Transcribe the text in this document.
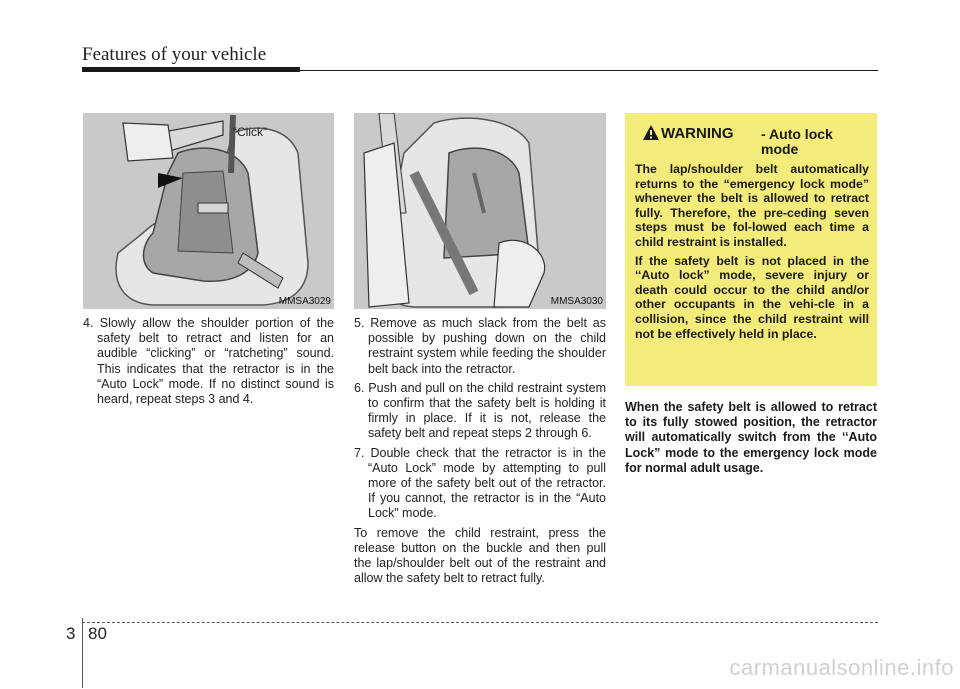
Features of your vehicle
“Click”
MMSA3029	MMSA3030

4. Slowly allow the shoulder portion of the safety belt to retract and listen for an audible “clicking” or “ratcheting” sound. This indicates that the retractor is in the “Auto Lock” mode. If no distinct sound is heard, repeat steps 3 and 4.

5. Remove as much slack from the belt as possible by pushing down on the child restraint system while feeding the shoulder belt back into the retractor.

6. Push and pull on the child restraint system to confirm that the safety belt is holding it firmly in place. If it is not, release the safety belt and repeat steps 2 through 6.

7. Double check that the retractor is in the “Auto Lock” mode by attempting to pull more of the safety belt out of the retractor. If you cannot, the retractor is in the “Auto Lock” mode.

To remove the child restraint, press the release button on the buckle and then pull the lap/shoulder belt out of the restraint and allow the safety belt to retract fully.

WARNING - Auto lock mode

The lap/shoulder belt automatically returns to the “emergency lock mode” whenever the belt is allowed to retract fully. Therefore, the pre-ceding seven steps must be fol-lowed each time a child restraint is installed.

If the safety belt is not placed in the ‘‘Auto lock” mode, severe injury or death could occur to the child and/or other occupants in the vehi-cle in a collision, since the child restraint will not be effectively held in place.

When the safety belt is allowed to retract to its fully stowed position, the retractor will automatically switch from the ‘‘Auto Lock” mode to the emergency lock mode for normal adult usage.
3 80
carmanualsonline.info
